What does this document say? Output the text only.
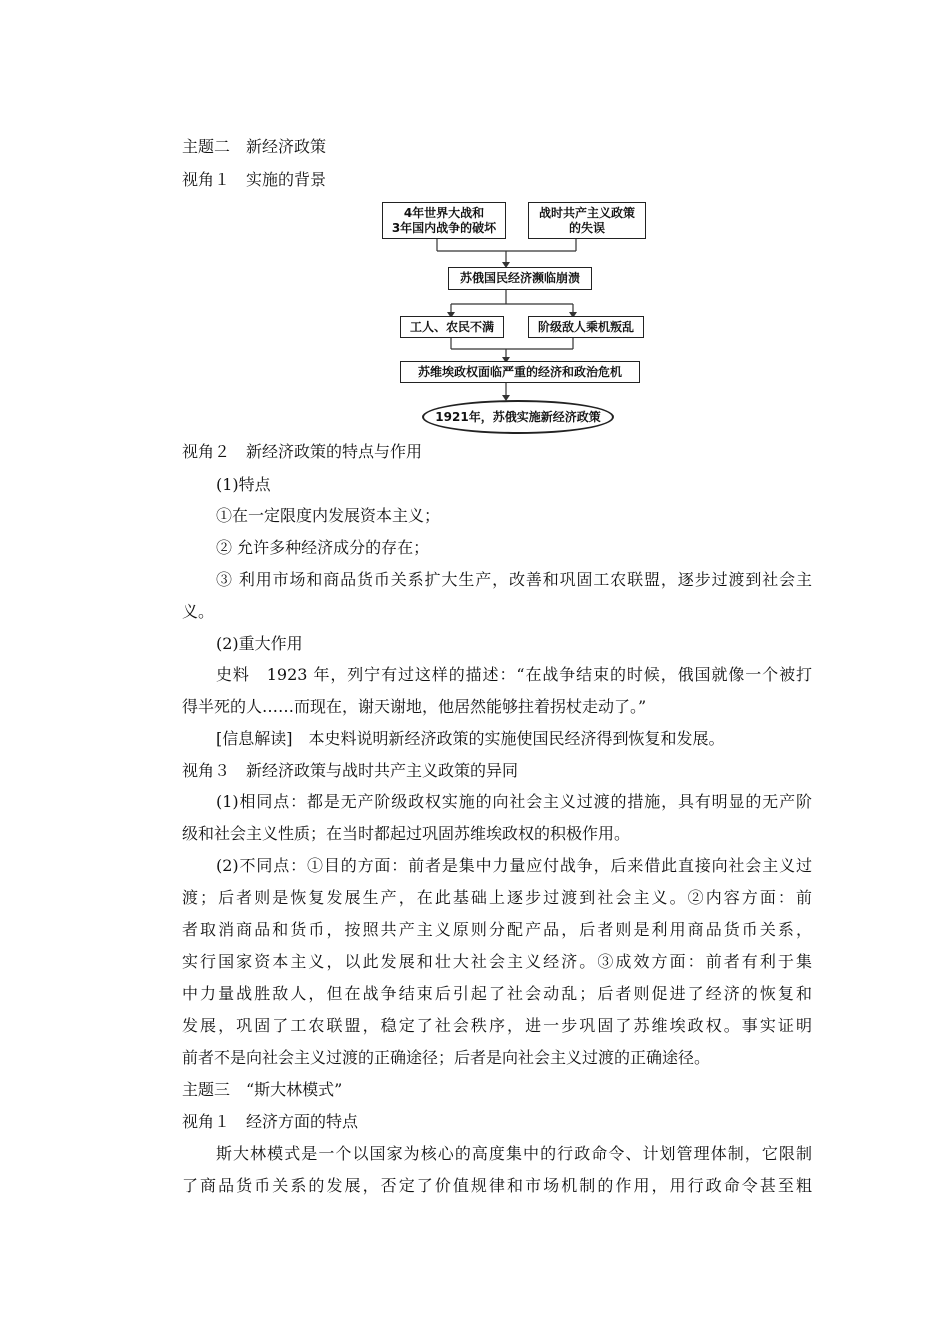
主题二　新经济政策
视角１　实施的背景
4年世界大战和
3年国内战争的破坏
战时共产主义政策
的失误
苏俄国民经济濒临崩溃
工人、农民不满	阶级敌人乘机叛乱
苏维埃政权面临严重的经济和政治危机
1921年，苏俄实施新经济政策
视角２　新经济政策的特点与作用
(1)特点
①在一定限度内发展资本主义；
② 允许多种经济成分的存在；
③ 利用市场和商品货币关系扩大生产，改善和巩固工农联盟，逐步过渡到社会主
义。
(2)重大作用
史料　1923 年，列宁有过这样的描述：“在战争结束的时候，俄国就像一个被打
得半死的人……而现在，谢天谢地，他居然能够拄着拐杖走动了。”
[信息解读]　本史料说明新经济政策的实施使国民经济得到恢复和发展。
视角３　新经济政策与战时共产主义政策的异同
(1)相同点：都是无产阶级政权实施的向社会主义过渡的措施，具有明显的无产阶
级和社会主义性质；在当时都起过巩固苏维埃政权的积极作用。
(2)不同点：①目的方面：前者是集中力量应付战争，后来借此直接向社会主义过
渡；后者则是恢复发展生产，在此基础上逐步过渡到社会主义。②内容方面：前
者取消商品和货币，按照共产主义原则分配产品，后者则是利用商品货币关系，
实行国家资本主义，以此发展和壮大社会主义经济。③成效方面：前者有利于集
中力量战胜敌人，但在战争结束后引起了社会动乱；后者则促进了经济的恢复和
发展，巩固了工农联盟，稳定了社会秩序，进一步巩固了苏维埃政权。事实证明
前者不是向社会主义过渡的正确途径；后者是向社会主义过渡的正确途径。
主题三　“斯大林模式”
视角１　经济方面的特点
斯大林模式是一个以国家为核心的高度集中的行政命令、计划管理体制，它限制
了商品货币关系的发展，否定了价值规律和市场机制的作用，用行政命令甚至粗
